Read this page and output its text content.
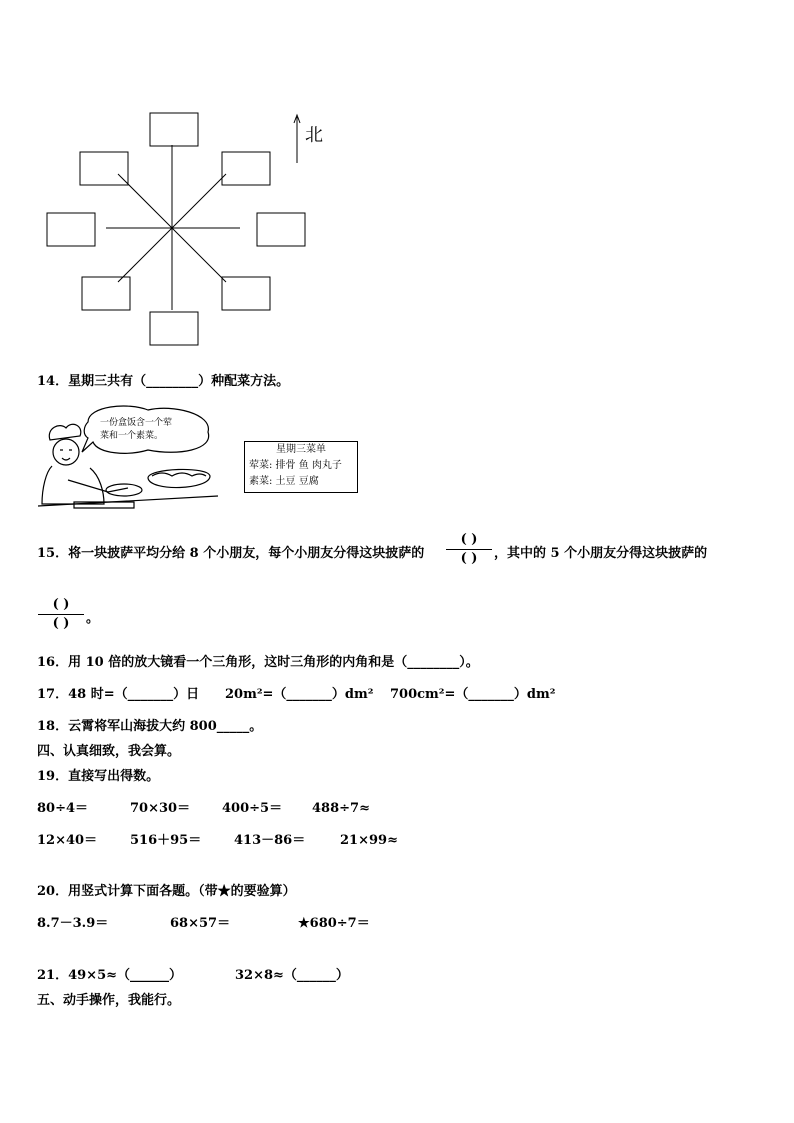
北
14．星期三共有（________）种配菜方法。
一份盒饭含一个荤
菜和一个素菜。
星期三菜单
荤菜: 排骨 鱼 肉丸子
素菜: 土豆 豆腐
15．将一块披萨平均分给 8 个小朋友，每个小朋友分得这块披萨的
( )
( )	，其中的 5 个小朋友分得这块披萨的
( )
( )	。
16．用 10 倍的放大镜看一个三角形，这时三角形的内角和是（________）。
17．48 时=（_______）日 20m²=（_______）dm² 700cm²=（_______）dm²
18．云霄将军山海拔大约 800_____。
四、认真细致，我会算。
19．直接写出得数。
80÷4＝	70×30＝ 400÷5＝ 488÷7≈
12×40＝	516＋95＝	413－86＝	21×99≈
20．用竖式计算下面各题。（带★的要验算）
8.7－3.9＝	68×57＝	★680÷7＝
21．49×5≈（______）	32×8≈（______）
五、动手操作，我能行。
